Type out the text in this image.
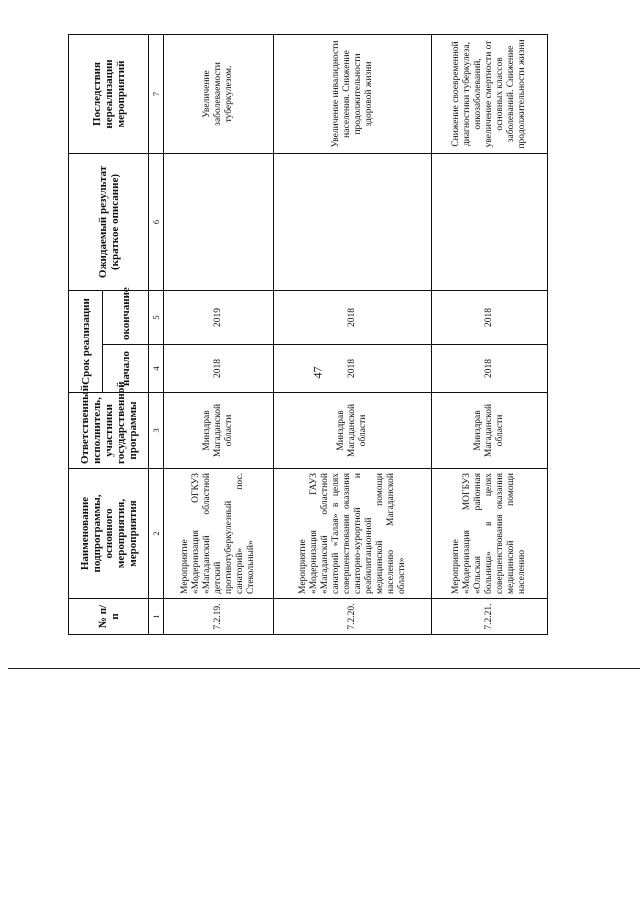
47
№ п/п	Наименование подпрограммы, основного мероприятия, мероприятия	Ответственный исполнитель, участники государственной программы	Срок реализации		Ожидаемый результат (краткое описание)	Последствия нереализации мероприятий
			начало	окончание		
1	2	3	4	5	6	7
7.2.19.	Мероприятие «Модернизация ОГКУЗ «Магаданский областной детский противотуберкулезный санаторий» пос. Стекольный»	Минздрав Магаданской области	2018	2019		Увеличение заболеваемости туберкулезом.
7.2.20.	Мероприятие «Модернизация ГАУЗ «Магаданский областной санаторий «Талая» в целях совершенствования оказания санаторно-курортной и реабилитационной медицинской помощи населению Магаданской области»	Минздрав Магаданской области	2018	2018		Увеличение инвалидности населения. Снижение продолжительности здоровой жизни
7.2.21.	Мероприятие «Модернизация МОГБУЗ «Ольская районная больница» в целях совершенствования оказания медицинской помощи населению	Минздрав Магаданской области	2018	2018		Снижение своевременной диагностики туберкулеза, онкозаболеваний, увеличение смертности от основных классов заболеваний. Снижение продолжительности жизни
